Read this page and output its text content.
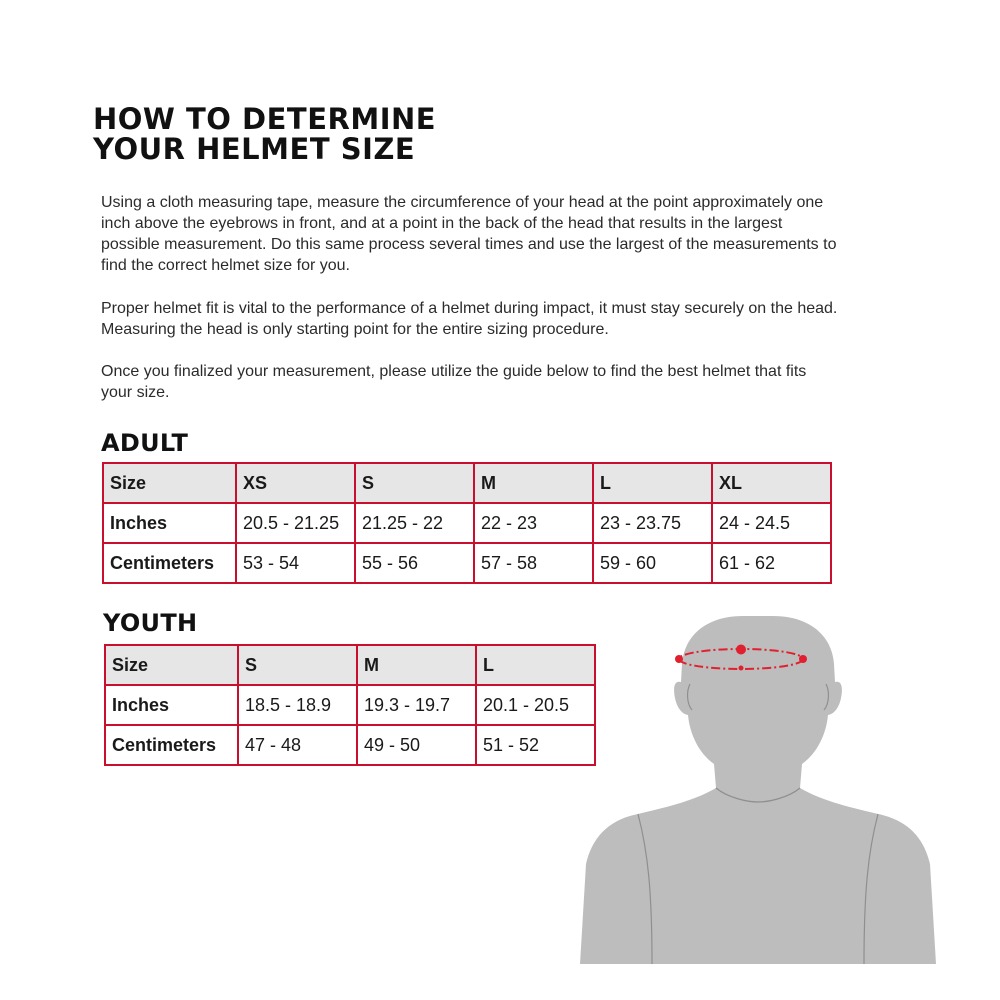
HOW TO DETERMINE
YOUR HELMET SIZE

Using a cloth measuring tape, measure the circumference of your head at the point approximately one inch above the eyebrows in front, and at a point in the back of the head that results in the largest possible measurement. Do this same process several times and use the largest of the measurements to find the correct helmet size for you.

Proper helmet fit is vital to the performance of a helmet during impact, it must stay securely on the head. Measuring the head is only starting point for the entire sizing procedure.

Once you finalized your measurement, please utilize the guide below to find the best helmet that fits your size.

ADULT
Size	XS	S	M	L	XL
Inches	20.5 - 21.25	21.25 - 22	22 - 23	23 - 23.75	24 - 24.5
Centimeters	53 - 54	55 - 56	57 - 58	59 - 60	61 - 62
YOUTH
Size	S	M	L
Inches	18.5 - 18.9	19.3 - 19.7	20.1 - 20.5
Centimeters	47 - 48	49 - 50	51 - 52
